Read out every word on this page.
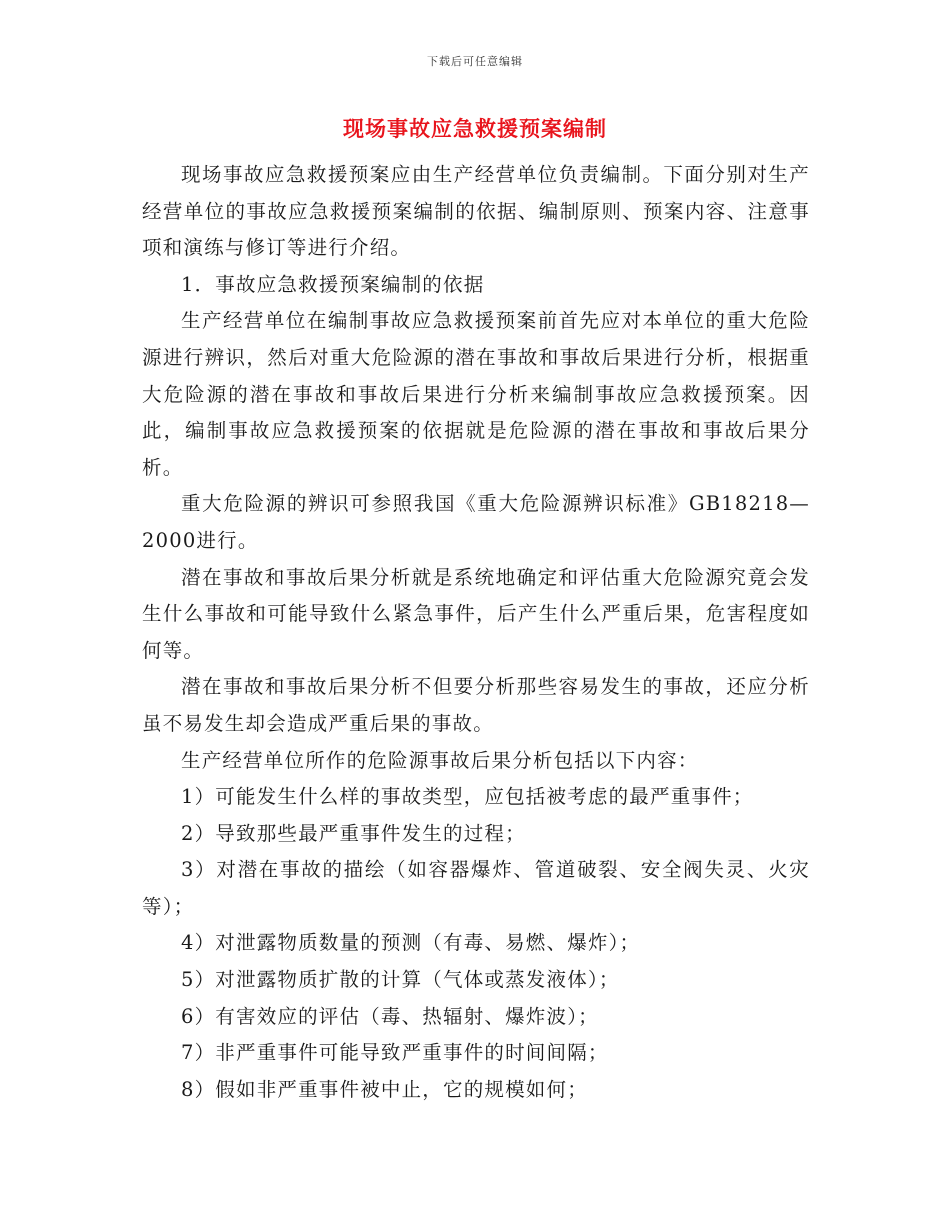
下载后可任意编辑
现场事故应急救援预案编制

现场事故应急救援预案应由生产经营单位负责编制。下面分别对生产经营单位的事故应急救援预案编制的依据、编制原则、预案内容、注意事项和演练与修订等进行介绍。

1．事故应急救援预案编制的依据

生产经营单位在编制事故应急救援预案前首先应对本单位的重大危险源进行辨识，然后对重大危险源的潜在事故和事故后果进行分析，根据重大危险源的潜在事故和事故后果进行分析来编制事故应急救援预案。因此，编制事故应急救援预案的依据就是危险源的潜在事故和事故后果分析。

重大危险源的辨识可参照我国《重大危险源辨识标准》GB18218—2000进行。

潜在事故和事故后果分析就是系统地确定和评估重大危险源究竟会发生什么事故和可能导致什么紧急事件，后产生什么严重后果，危害程度如何等。

潜在事故和事故后果分析不但要分析那些容易发生的事故，还应分析虽不易发生却会造成严重后果的事故。

生产经营单位所作的危险源事故后果分析包括以下内容：

1）可能发生什么样的事故类型，应包括被考虑的最严重事件；

2）导致那些最严重事件发生的过程；

3）对潜在事故的描绘（如容器爆炸、管道破裂、安全阀失灵、火灾等）；

4）对泄露物质数量的预测（有毒、易燃、爆炸）；

5）对泄露物质扩散的计算（气体或蒸发液体）；

6）有害效应的评估（毒、热辐射、爆炸波）；

7）非严重事件可能导致严重事件的时间间隔；

8）假如非严重事件被中止，它的规模如何；
